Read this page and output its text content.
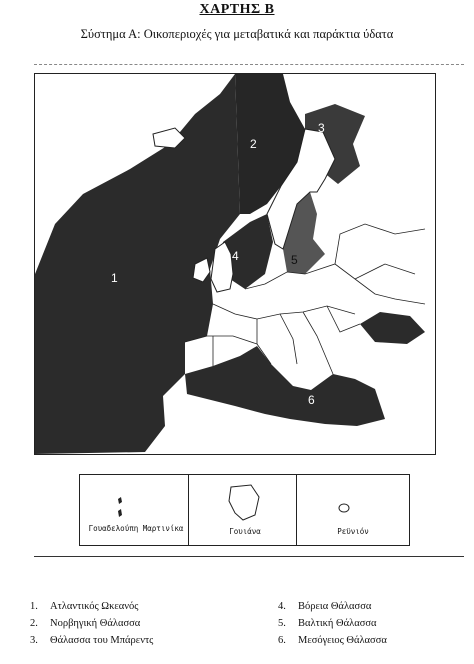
ΧΑΡΤΗΣ Β
Σύστημα Α: Οικοπεριοχές για μεταβατικά και παράκτια ύδατα
1
2
3
4	5
6
Γουαδελούπη Μαρτινίκα	Γουιάνα	Ρεϋνιόν
1. Ατλαντικός Ωκεανός
2. Νορβηγική Θάλασσα
3. Θάλασσα του Μπάρεντς
4. Βόρεια Θάλασσα
5. Βαλτική Θάλασσα
6. Μεσόγειος Θάλασσα
